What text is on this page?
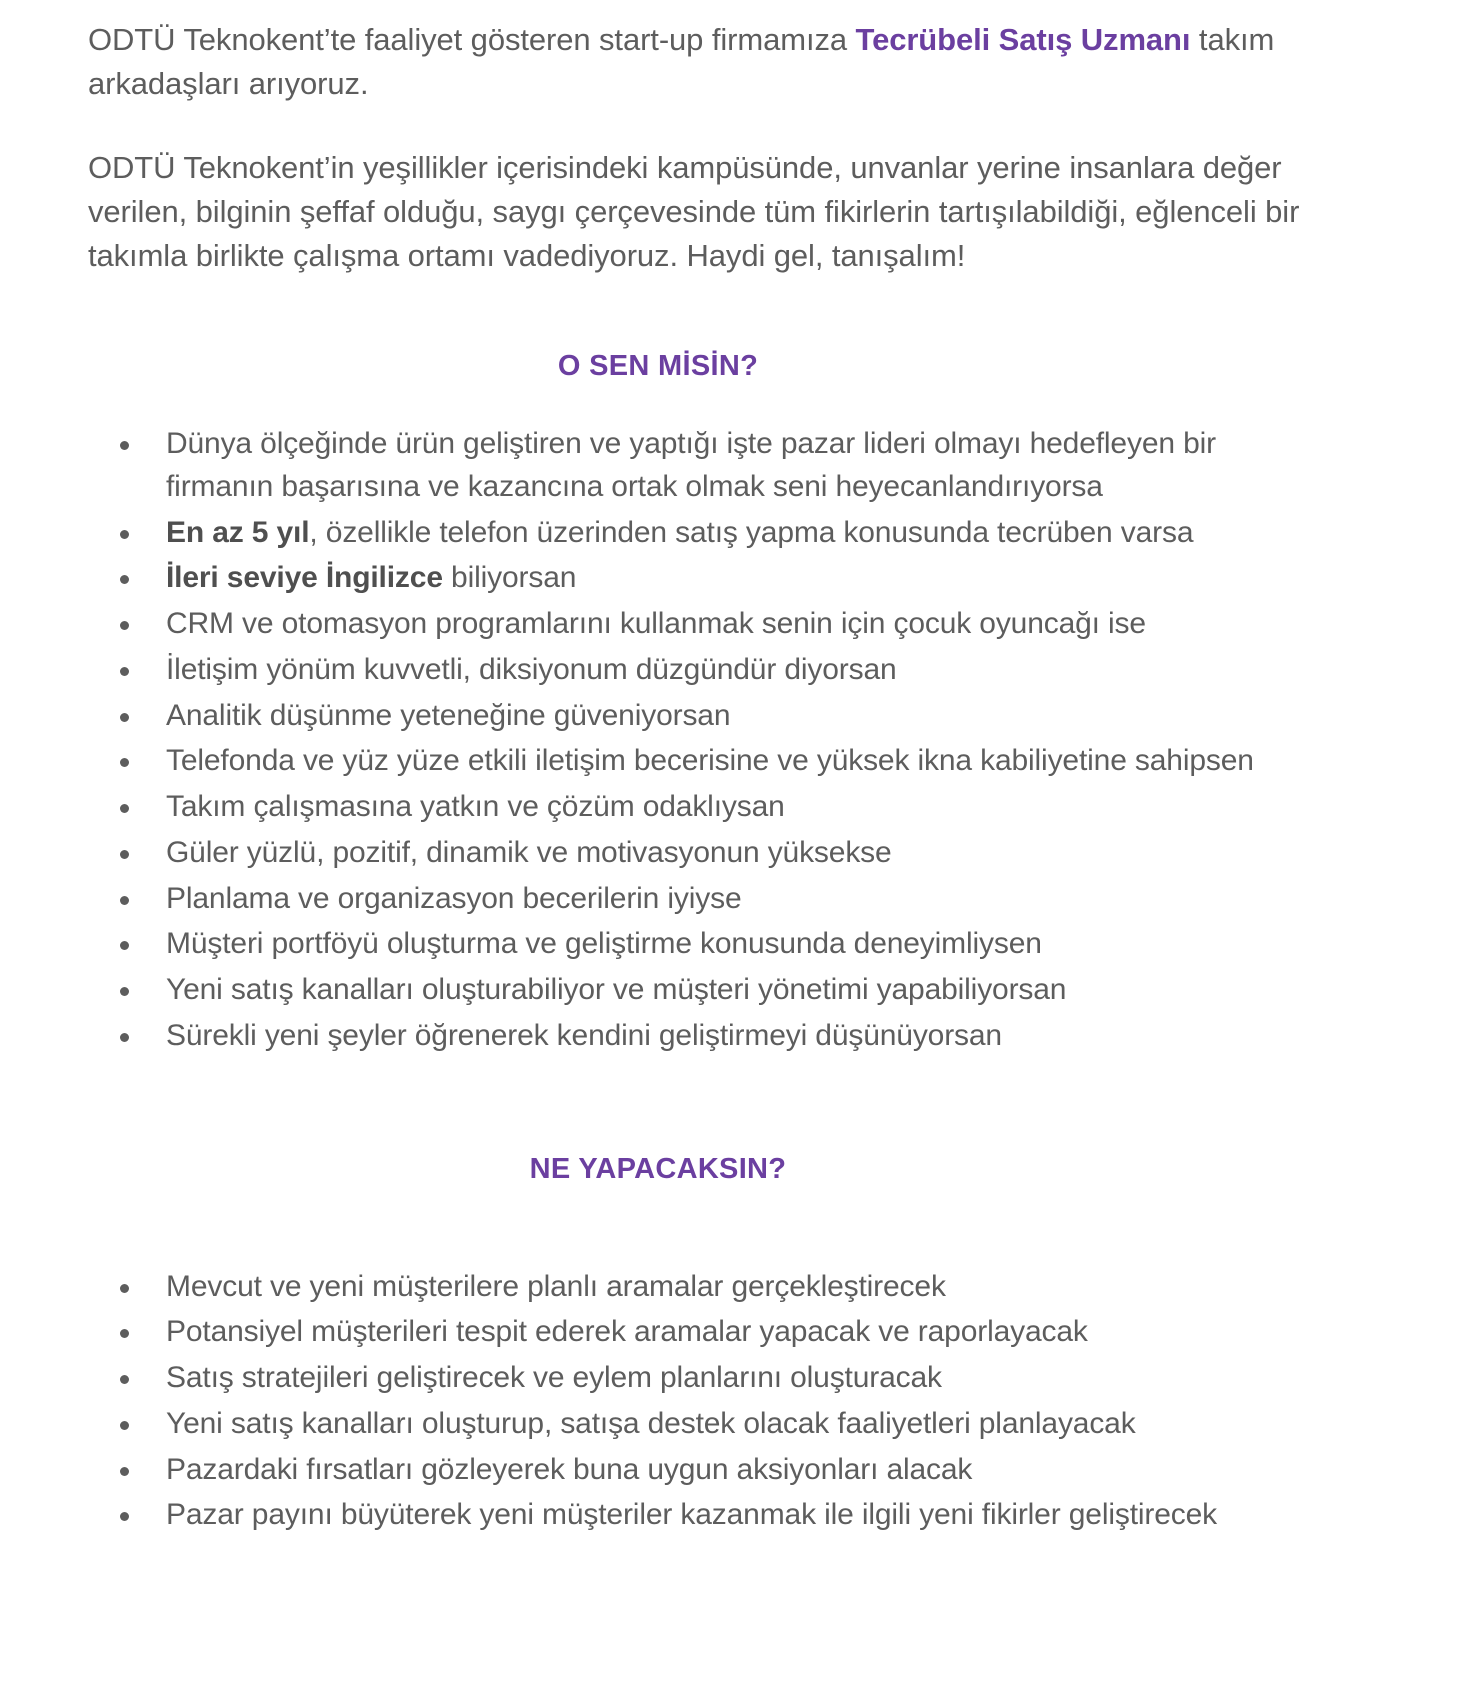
ODTÜ Teknokent’te faaliyet gösteren start-up firmamıza Tecrübeli Satış Uzmanı takım arkadaşları arıyoruz.

ODTÜ Teknokent’in yeşillikler içerisindeki kampüsünde, unvanlar yerine insanlara değer verilen, bilginin şeffaf olduğu, saygı çerçevesinde tüm fikirlerin tartışılabildiği, eğlenceli bir takımla birlikte çalışma ortamı vadediyoruz. Haydi gel, tanışalım!

O SEN MİSİN?
Dünya ölçeğinde ürün geliştiren ve yaptığı işte pazar lideri olmayı hedefleyen bir firmanın başarısına ve kazancına ortak olmak seni heyecanlandırıyorsa
En az 5 yıl, özellikle telefon üzerinden satış yapma konusunda tecrüben varsa
İleri seviye İngilizce biliyorsan
CRM ve otomasyon programlarını kullanmak senin için çocuk oyuncağı ise
İletişim yönüm kuvvetli, diksiyonum düzgündür diyorsan
Analitik düşünme yeteneğine güveniyorsan
Telefonda ve yüz yüze etkili iletişim becerisine ve yüksek ikna kabiliyetine sahipsen
Takım çalışmasına yatkın ve çözüm odaklıysan
Güler yüzlü, pozitif, dinamik ve motivasyonun yüksekse
Planlama ve organizasyon becerilerin iyiyse
Müşteri portföyü oluşturma ve geliştirme konusunda deneyimliysen
Yeni satış kanalları oluşturabiliyor ve müşteri yönetimi yapabiliyorsan
Sürekli yeni şeyler öğrenerek kendini geliştirmeyi düşünüyorsan
NE YAPACAKSIN?
Mevcut ve yeni müşterilere planlı aramalar gerçekleştirecek
Potansiyel müşterileri tespit ederek aramalar yapacak ve raporlayacak
Satış stratejileri geliştirecek ve eylem planlarını oluşturacak
Yeni satış kanalları oluşturup, satışa destek olacak faaliyetleri planlayacak
Pazardaki fırsatları gözleyerek buna uygun aksiyonları alacak
Pazar payını büyüterek yeni müşteriler kazanmak ile ilgili yeni fikirler geliştirecek
